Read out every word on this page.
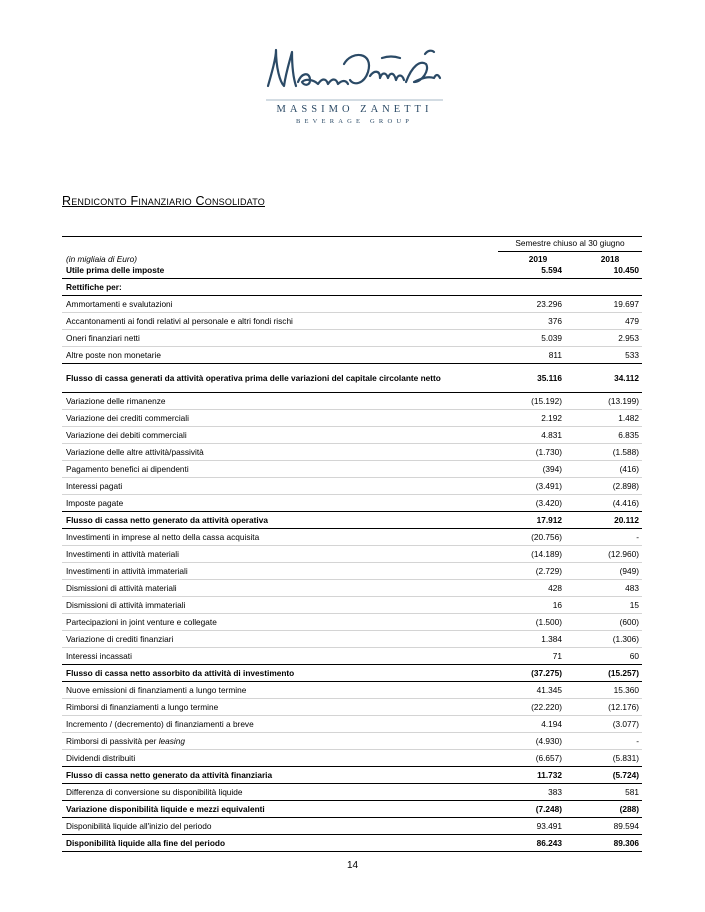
MASSIMO ZANETTI
BEVERAGE GROUP
Rendiconto Finanziario Consolidato
Semestre chiuso al 30 giugno
(in migliaia di Euro)	2019	2018
Utile prima delle imposte	5.594	10.450
Rettifiche per:
Ammortamenti e svalutazioni	23.296	19.697
Accantonamenti ai fondi relativi al personale e altri fondi rischi	376	479
Oneri finanziari netti	5.039	2.953
Altre poste non monetarie	811	533
Flusso di cassa generati da attività operativa prima delle variazioni del capitale circolante netto	35.116	34.112
Variazione delle rimanenze	(15.192)	(13.199)
Variazione dei crediti commerciali	2.192	1.482
Variazione dei debiti commerciali	4.831	6.835
Variazione delle altre attività/passività	(1.730)	(1.588)
Pagamento benefici ai dipendenti	(394)	(416)
Interessi pagati	(3.491)	(2.898)
Imposte pagate	(3.420)	(4.416)
Flusso di cassa netto generato da attività operativa	17.912	20.112
Investimenti in imprese al netto della cassa acquisita	(20.756)	-
Investimenti in attività materiali	(14.189)	(12.960)
Investimenti in attività immateriali	(2.729)	(949)
Dismissioni di attività materiali	428	483
Dismissioni di attività immateriali	16	15
Partecipazioni in joint venture e collegate	(1.500)	(600)
Variazione di crediti finanziari	1.384	(1.306)
Interessi incassati	71	60
Flusso di cassa netto assorbito da attività di investimento	(37.275)	(15.257)
Nuove emissioni di finanziamenti a lungo termine	41.345	15.360
Rimborsi di finanziamenti a lungo termine	(22.220)	(12.176)
Incremento / (decremento) di finanziamenti a breve	4.194	(3.077)
Rimborsi di passività per leasing	(4.930)	-
Dividendi distribuiti	(6.657)	(5.831)
Flusso di cassa netto generato da attività finanziaria	11.732	(5.724)
Differenza di conversione su disponibilità liquide	383	581
Variazione disponibilità liquide e mezzi equivalenti	(7.248)	(288)
Disponibilità liquide all'inizio del periodo	93.491	89.594
Disponibilità liquide alla fine del periodo	86.243	89.306
14
